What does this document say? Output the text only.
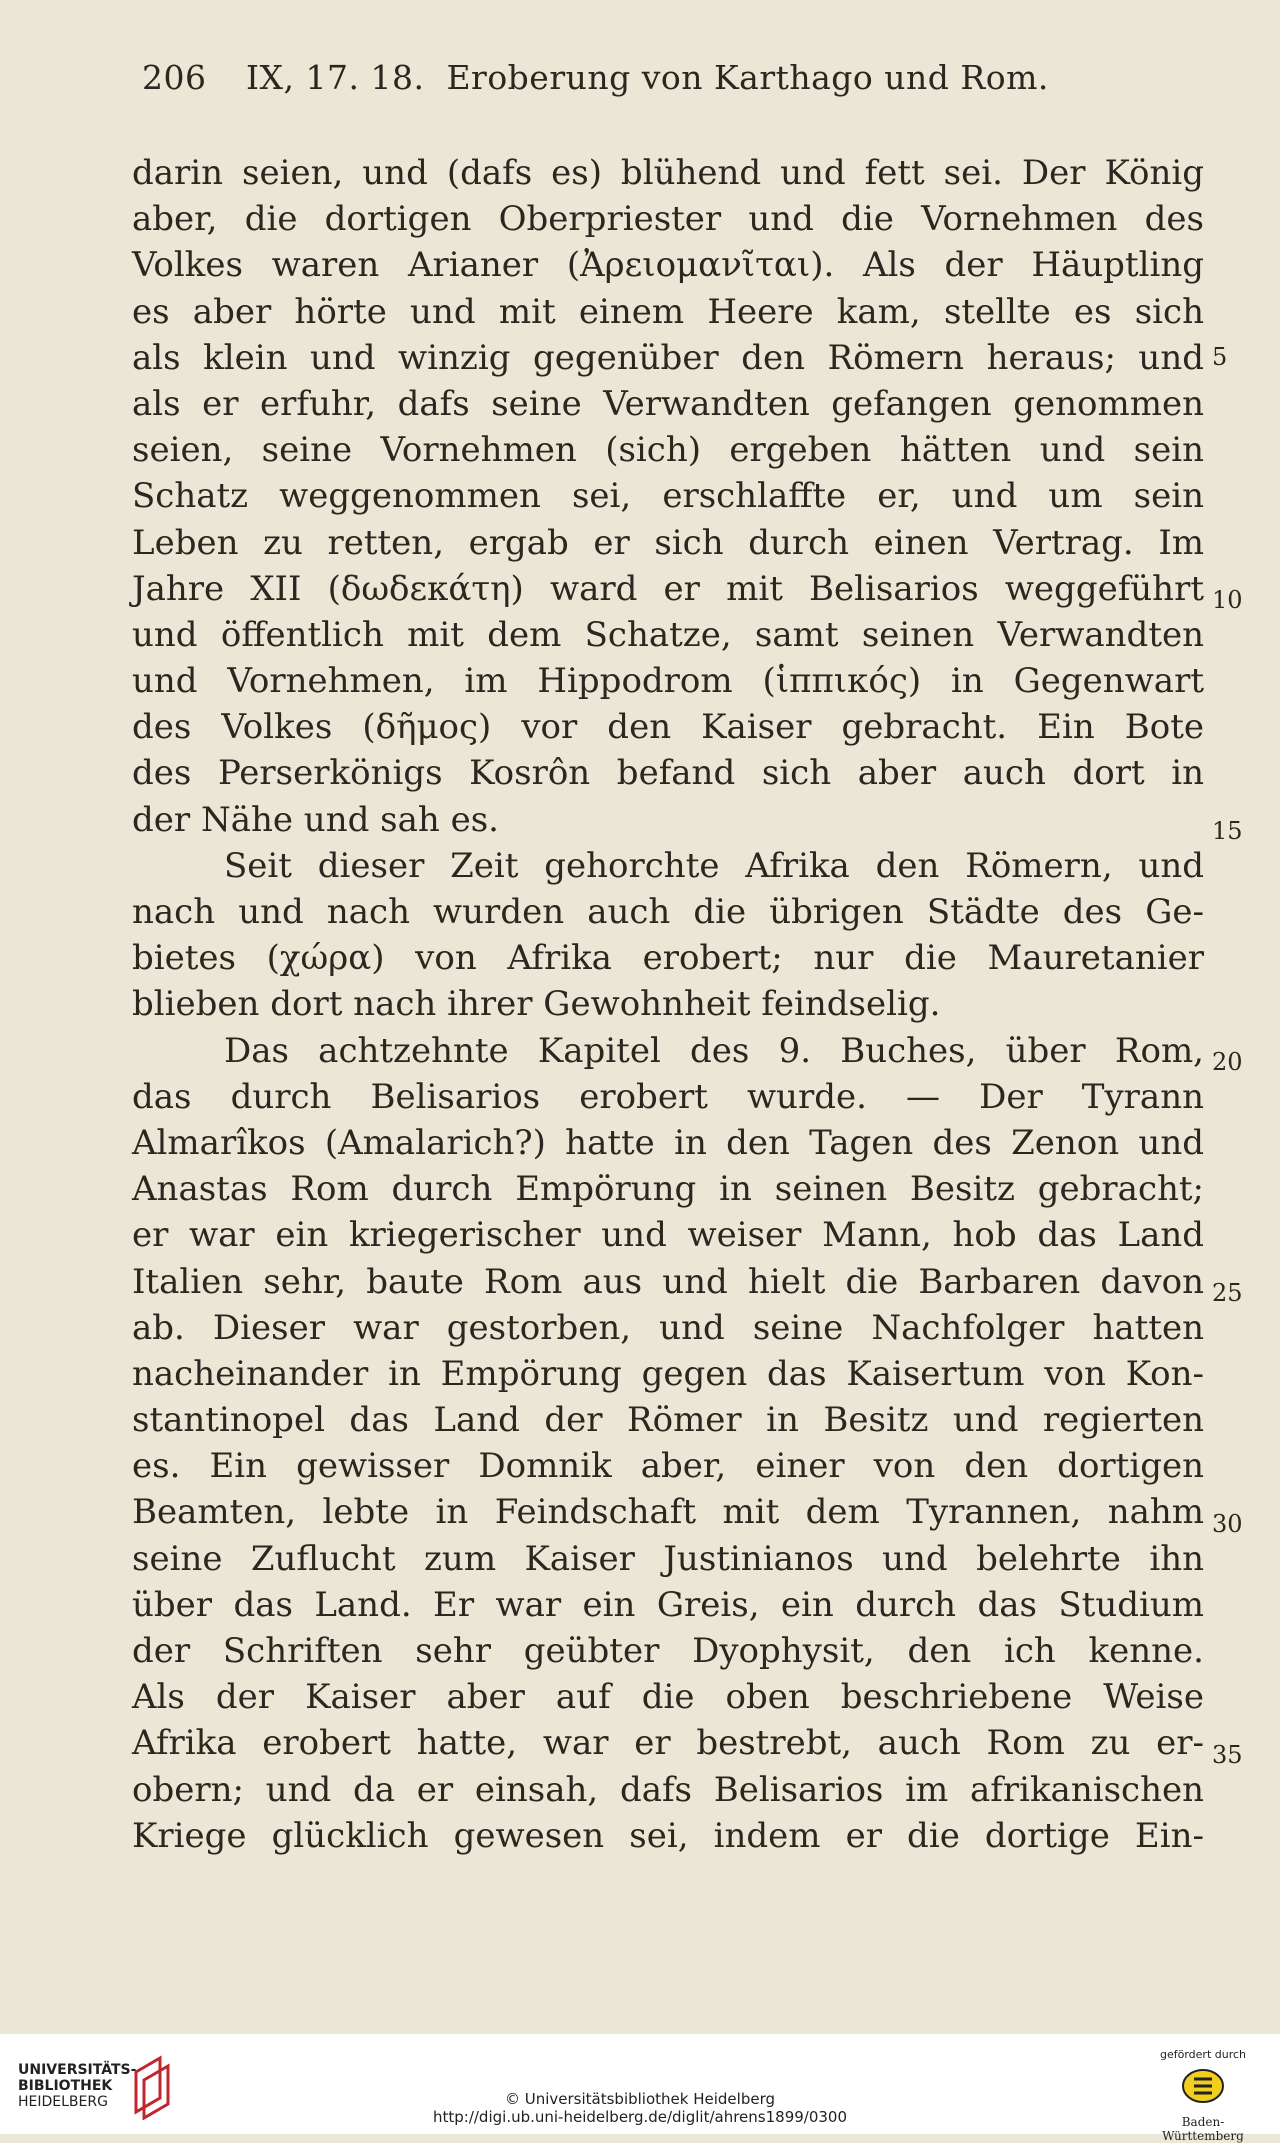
206 IX, 17. 18. Eroberung von Karthago und Rom.
darin seien, und (dafs es) blühend und fett sei. Der König
aber, die dortigen Oberpriester und die Vornehmen des
Volkes waren Arianer (Ἀρειομανῖται). Als der Häuptling
es aber hörte und mit einem Heere kam, stellte es sich
als klein und winzig gegenüber den Römern heraus; und
als er erfuhr, dafs seine Verwandten gefangen genommen
seien, seine Vornehmen (sich) ergeben hätten und sein
Schatz weggenommen sei, erschlaffte er, und um sein
Leben zu retten, ergab er sich durch einen Vertrag. Im
Jahre XII (δωδεκάτη) ward er mit Belisarios weggeführt
und öffentlich mit dem Schatze, samt seinen Verwandten
und Vornehmen, im Hippodrom (ἱππικός) in Gegenwart
des Volkes (δῆμος) vor den Kaiser gebracht. Ein Bote
des Perserkönigs Kosrôn befand sich aber auch dort in
der Nähe und sah es.
Seit dieser Zeit gehorchte Afrika den Römern, und
nach und nach wurden auch die übrigen Städte des Ge-
bietes (χώρα) von Afrika erobert; nur die Mauretanier
blieben dort nach ihrer Gewohnheit feindselig.
Das achtzehnte Kapitel des 9. Buches, über Rom,
das durch Belisarios erobert wurde. — Der Tyrann
Almarîkos (Amalarich?) hatte in den Tagen des Zenon und
Anastas Rom durch Empörung in seinen Besitz gebracht;
er war ein kriegerischer und weiser Mann, hob das Land
Italien sehr, baute Rom aus und hielt die Barbaren davon
ab. Dieser war gestorben, und seine Nachfolger hatten
nacheinander in Empörung gegen das Kaisertum von Kon-
stantinopel das Land der Römer in Besitz und regierten
es. Ein gewisser Domnik aber, einer von den dortigen
Beamten, lebte in Feindschaft mit dem Tyrannen, nahm
seine Zuflucht zum Kaiser Justinianos und belehrte ihn
über das Land. Er war ein Greis, ein durch das Studium
der Schriften sehr geübter Dyophysit, den ich kenne.
Als der Kaiser aber auf die oben beschriebene Weise
Afrika erobert hatte, war er bestrebt, auch Rom zu er-
obern; und da er einsah, dafs Belisarios im afrikanischen
Kriege glücklich gewesen sei, indem er die dortige Ein-
5
10
15
20
25
30
35
UNIVERSITÄTS-
BIBLIOTHEK
HEIDELBERG	© Universitätsbibliothek Heidelberg
http://digi.ub.uni-heidelberg.de/diglit/ahrens1899/0300
gefördert durch
Baden-Württemberg
